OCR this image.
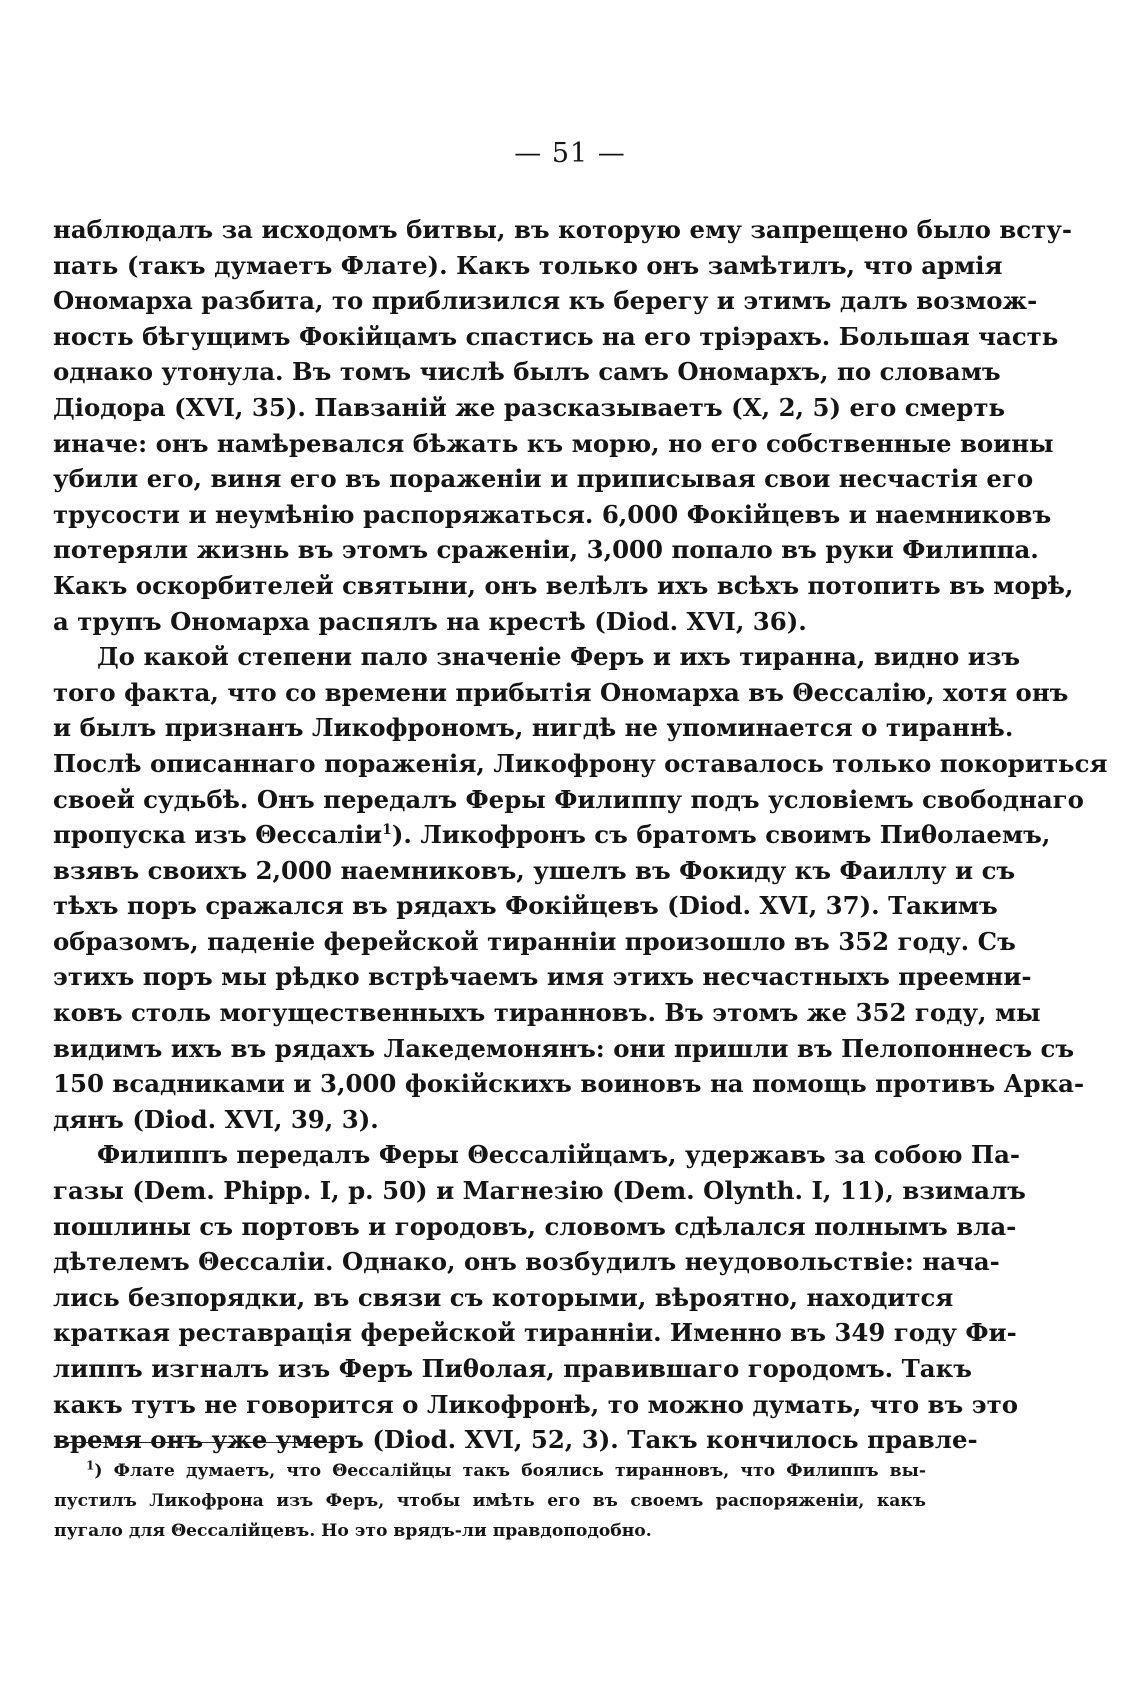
— 51 —
наблюдалъ за исходомъ битвы, въ которую ему запрещено было всту-
пать (такъ думаетъ Флате). Какъ только онъ замѣтилъ, что армія
Ономарха разбита, то приблизился къ берегу и этимъ далъ возмож-
ность бѣгущимъ Фокійцамъ спастись на его тріэрахъ. Большая часть
однако утонула. Въ томъ числѣ былъ самъ Ономархъ, по словамъ
Діодора (XVI, 35). Павзаній же разсказываетъ (X, 2, 5) его смерть
иначе: онъ намѣревался бѣжать къ морю, но его собственные воины
убили его, виня его въ пораженіи и приписывая свои несчастія его
трусости и неумѣнію распоряжаться. 6,000 Фокійцевъ и наемниковъ
потеряли жизнь въ этомъ сраженіи, 3,000 попало въ руки Филиппа.
Какъ оскорбителей святыни, онъ велѣлъ ихъ всѣхъ потопить въ морѣ,
а трупъ Ономарха распялъ на крестѣ (Diod. XVI, 36).
До какой степени пало значеніе Феръ и ихъ тиранна, видно изъ
того факта, что со времени прибытія Ономарха въ Θессалію, хотя онъ
и былъ признанъ Ликофрономъ, нигдѣ не упоминается о тираннѣ.
Послѣ описаннаго пораженія, Ликофрону оставалось только покориться
своей судьбѣ. Онъ передалъ Феры Филиппу подъ условіемъ свободнаго
пропуска изъ Θессаліи$^1$). Ликофронъ съ братомъ своимъ Пиθолаемъ,
взявъ своихъ 2,000 наемниковъ, ушелъ въ Фокиду къ Фаиллу и съ
тѣхъ поръ сражался въ рядахъ Фокійцевъ (Diod. XVI, 37). Такимъ
образомъ, паденіе ферейской тиранніи произошло въ 352 году. Съ
этихъ поръ мы рѣдко встрѣчаемъ имя этихъ несчастныхъ преемни-
ковъ столь могущественныхъ тиранновъ. Въ этомъ же 352 году, мы
видимъ ихъ въ рядахъ Лакедемонянъ: они пришли въ Пелопоннесъ съ
150 всадниками и 3,000 фокійскихъ воиновъ на помощь противъ Арка-
дянъ (Diod. XVI, 39, 3).
Филиппъ передалъ Феры Θессалійцамъ, удержавъ за собою Па-
газы (Dem. Phipp. I, p. 50) и Магнезію (Dem. Olynth. I, 11), взималъ
пошлины съ портовъ и городовъ, словомъ сдѣлался полнымъ вла-
дѣтелемъ Θессаліи. Однако, онъ возбудилъ неудовольствіе: нача-
лись безпорядки, въ связи съ которыми, вѣроятно, находится
краткая реставрація ферейской тиранніи. Именно въ 349 году Фи-
липпъ изгналъ изъ Феръ Пиθолая, правившаго городомъ. Такъ
какъ тутъ не говорится о Ликофронѣ, то можно думать, что въ это
время онъ уже умеръ (Diod. XVI, 52, 3). Такъ кончилось правле-
$^1$) Флате думаетъ, что Θессалійцы такъ боялись тиранновъ, что Филиппъ вы-
пустилъ Ликофрона изъ Феръ, чтобы имѣть его въ своемъ распоряженіи, какъ
пугало для Θессалійцевъ. Но это врядъ-ли правдоподобно.
